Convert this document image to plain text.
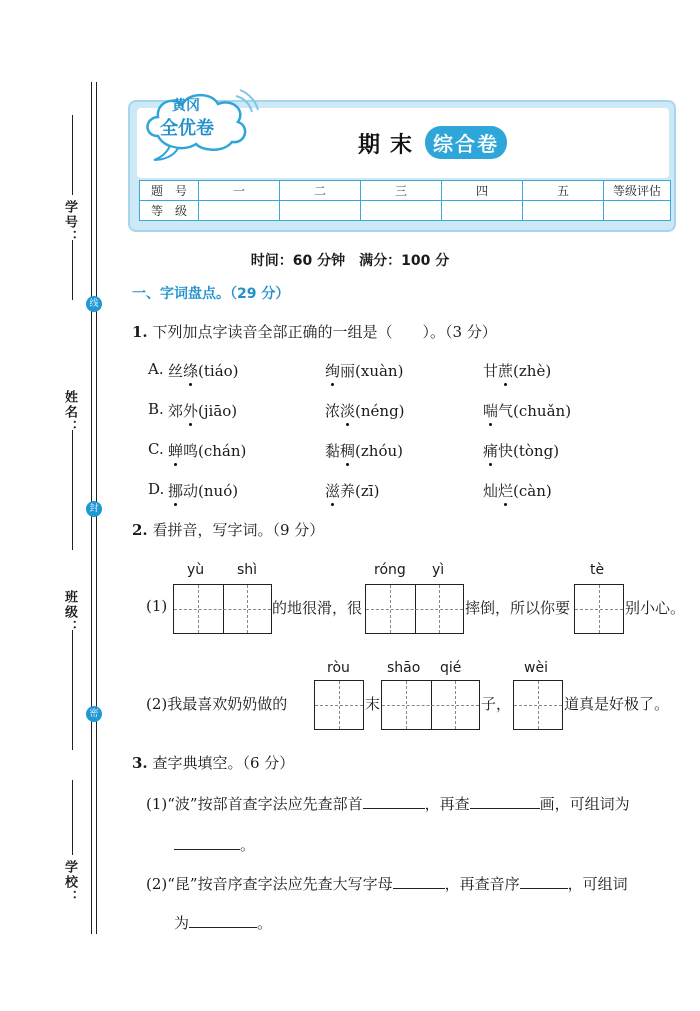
学号：
姓名：
班级：
学校：
线
封
密
黄冈
全优卷
期末 综合卷
题　号	一	二	三	四	五	等级评估
等　级						
时间：60 分钟　满分：100 分
一、字词盘点。（29 分）
1. 下列加点字读音全部正确的一组是（　　）。（3 分）
A. 丝绦(tiáo)	绚丽(xuàn)	甘蔗(zhè)
B. 郊外(jiāo)	浓淡(néng)	喘气(chuǎn)
C. 蝉鸣(chán)	黏稠(zhóu)	痛快(tòng)
D. 挪动(nuó)	滋养(zī)	灿烂(càn)
2. 看拼音，写字词。（9 分）
yù shì	róng yì	tè
(1)	的地很滑，很	摔倒，所以你要	别小心。
ròu	shāo qié	wèi
(2)我最喜欢奶奶做的	末	子，	道真是好极了。
3. 查字典填空。（6 分）
(1)“波”按部首查字法应先查部首	，再查	画，可组词为
。
(2)“昆”按音序查字法应先查大写字母	，再查音序	，可组词
为	。
